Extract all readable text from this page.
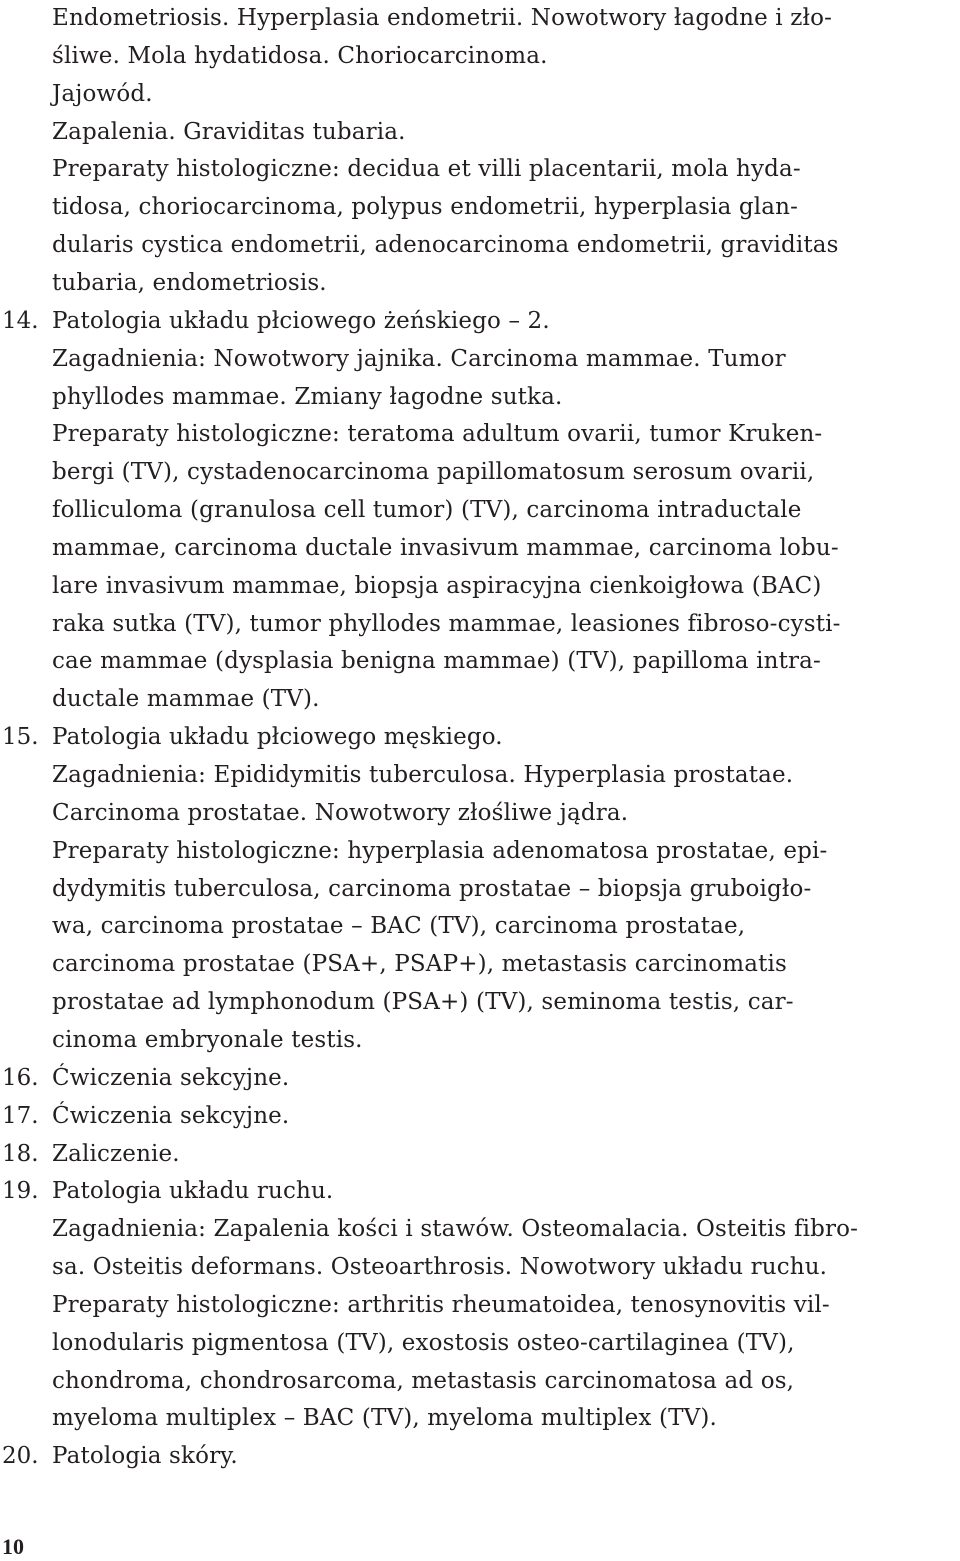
Endometriosis. Hyperplasia endometrii. Nowotwory łagodne i zło-
śliwe. Mola hydatidosa. Choriocarcinoma.
Jajowód.
Zapalenia. Graviditas tubaria.
Preparaty histologiczne: decidua et villi placentarii, mola hyda-
tidosa, choriocarcinoma, polypus endometrii, hyperplasia glan-
dularis cystica endometrii, adenocarcinoma endometrii, graviditas
tubaria, endometriosis.
14. Patologia układu płciowego żeńskiego – 2.
Zagadnienia: Nowotwory jajnika. Carcinoma mammae. Tumor
phyllodes mammae. Zmiany łagodne sutka.
Preparaty histologiczne: teratoma adultum ovarii, tumor Kruken-
bergi (TV), cystadenocarcinoma papillomatosum serosum ovarii,
folliculoma (granulosa cell tumor) (TV), carcinoma intraductale
mammae, carcinoma ductale invasivum mammae, carcinoma lobu-
lare invasivum mammae, biopsja aspiracyjna cienkoigłowa (BAC)
raka sutka (TV), tumor phyllodes mammae, leasiones fibroso-cysti-
cae mammae (dysplasia benigna mammae) (TV), papilloma intra-
ductale mammae (TV).
15. Patologia układu płciowego męskiego.
Zagadnienia: Epididymitis tuberculosa. Hyperplasia prostatae.
Carcinoma prostatae. Nowotwory złośliwe jądra.
Preparaty histologiczne: hyperplasia adenomatosa prostatae, epi-
dydymitis tuberculosa, carcinoma prostatae – biopsja gruboigło-
wa, carcinoma prostatae – BAC (TV), carcinoma prostatae,
carcinoma prostatae (PSA+, PSAP+), metastasis carcinomatis
prostatae ad lymphonodum (PSA+) (TV), seminoma testis, car-
cinoma embryonale testis.
16. Ćwiczenia sekcyjne.
17. Ćwiczenia sekcyjne.
18. Zaliczenie.
19. Patologia układu ruchu.
Zagadnienia: Zapalenia kości i stawów. Osteomalacia. Osteitis fibro-
sa. Osteitis deformans. Osteoarthrosis. Nowotwory układu ruchu.
Preparaty histologiczne: arthritis rheumatoidea, tenosynovitis vil-
lonodularis pigmentosa (TV), exostosis osteo-cartilaginea (TV),
chondroma, chondrosarcoma, metastasis carcinomatosa ad os,
myeloma multiplex – BAC (TV), myeloma multiplex (TV).
20. Patologia skóry.
10
